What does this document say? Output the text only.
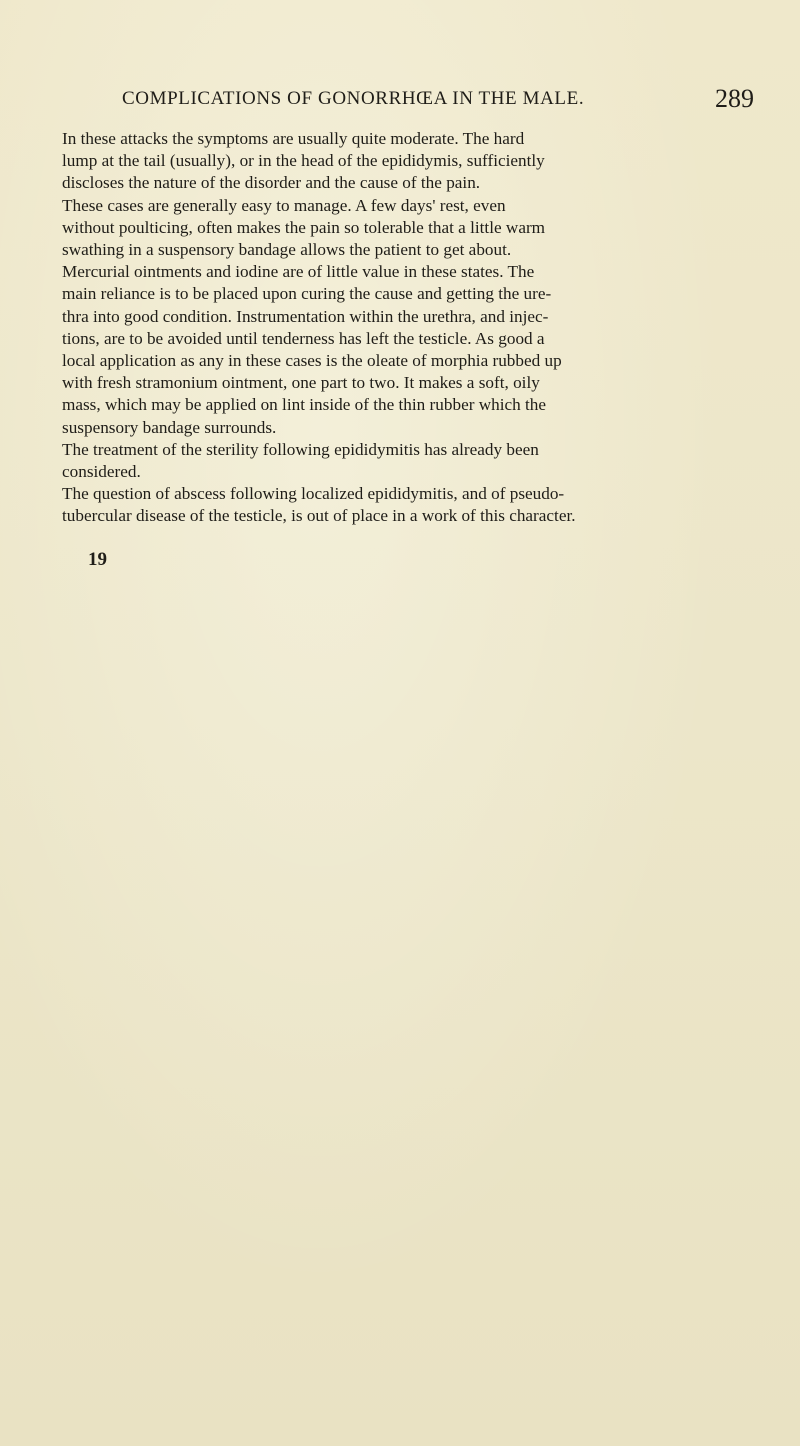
COMPLICATIONS OF GONORRHŒA IN THE MALE.	289

In these attacks the symptoms are usually quite moderate. The hard
lump at the tail (usually), or in the head of the epididymis, sufficiently
discloses the nature of the disorder and the cause of the pain.

These cases are generally easy to manage. A few days' rest, even
without poulticing, often makes the pain so tolerable that a little warm
swathing in a suspensory bandage allows the patient to get about.

Mercurial ointments and iodine are of little value in these states. The
main reliance is to be placed upon curing the cause and getting the ure-
thra into good condition. Instrumentation within the urethra, and injec-
tions, are to be avoided until tenderness has left the testicle. As good a
local application as any in these cases is the oleate of morphia rubbed up
with fresh stramonium ointment, one part to two. It makes a soft, oily
mass, which may be applied on lint inside of the thin rubber which the
suspensory bandage surrounds.

The treatment of the sterility following epididymitis has already been
considered.

The question of abscess following localized epididymitis, and of pseudo-
tubercular disease of the testicle, is out of place in a work of this character.

19
